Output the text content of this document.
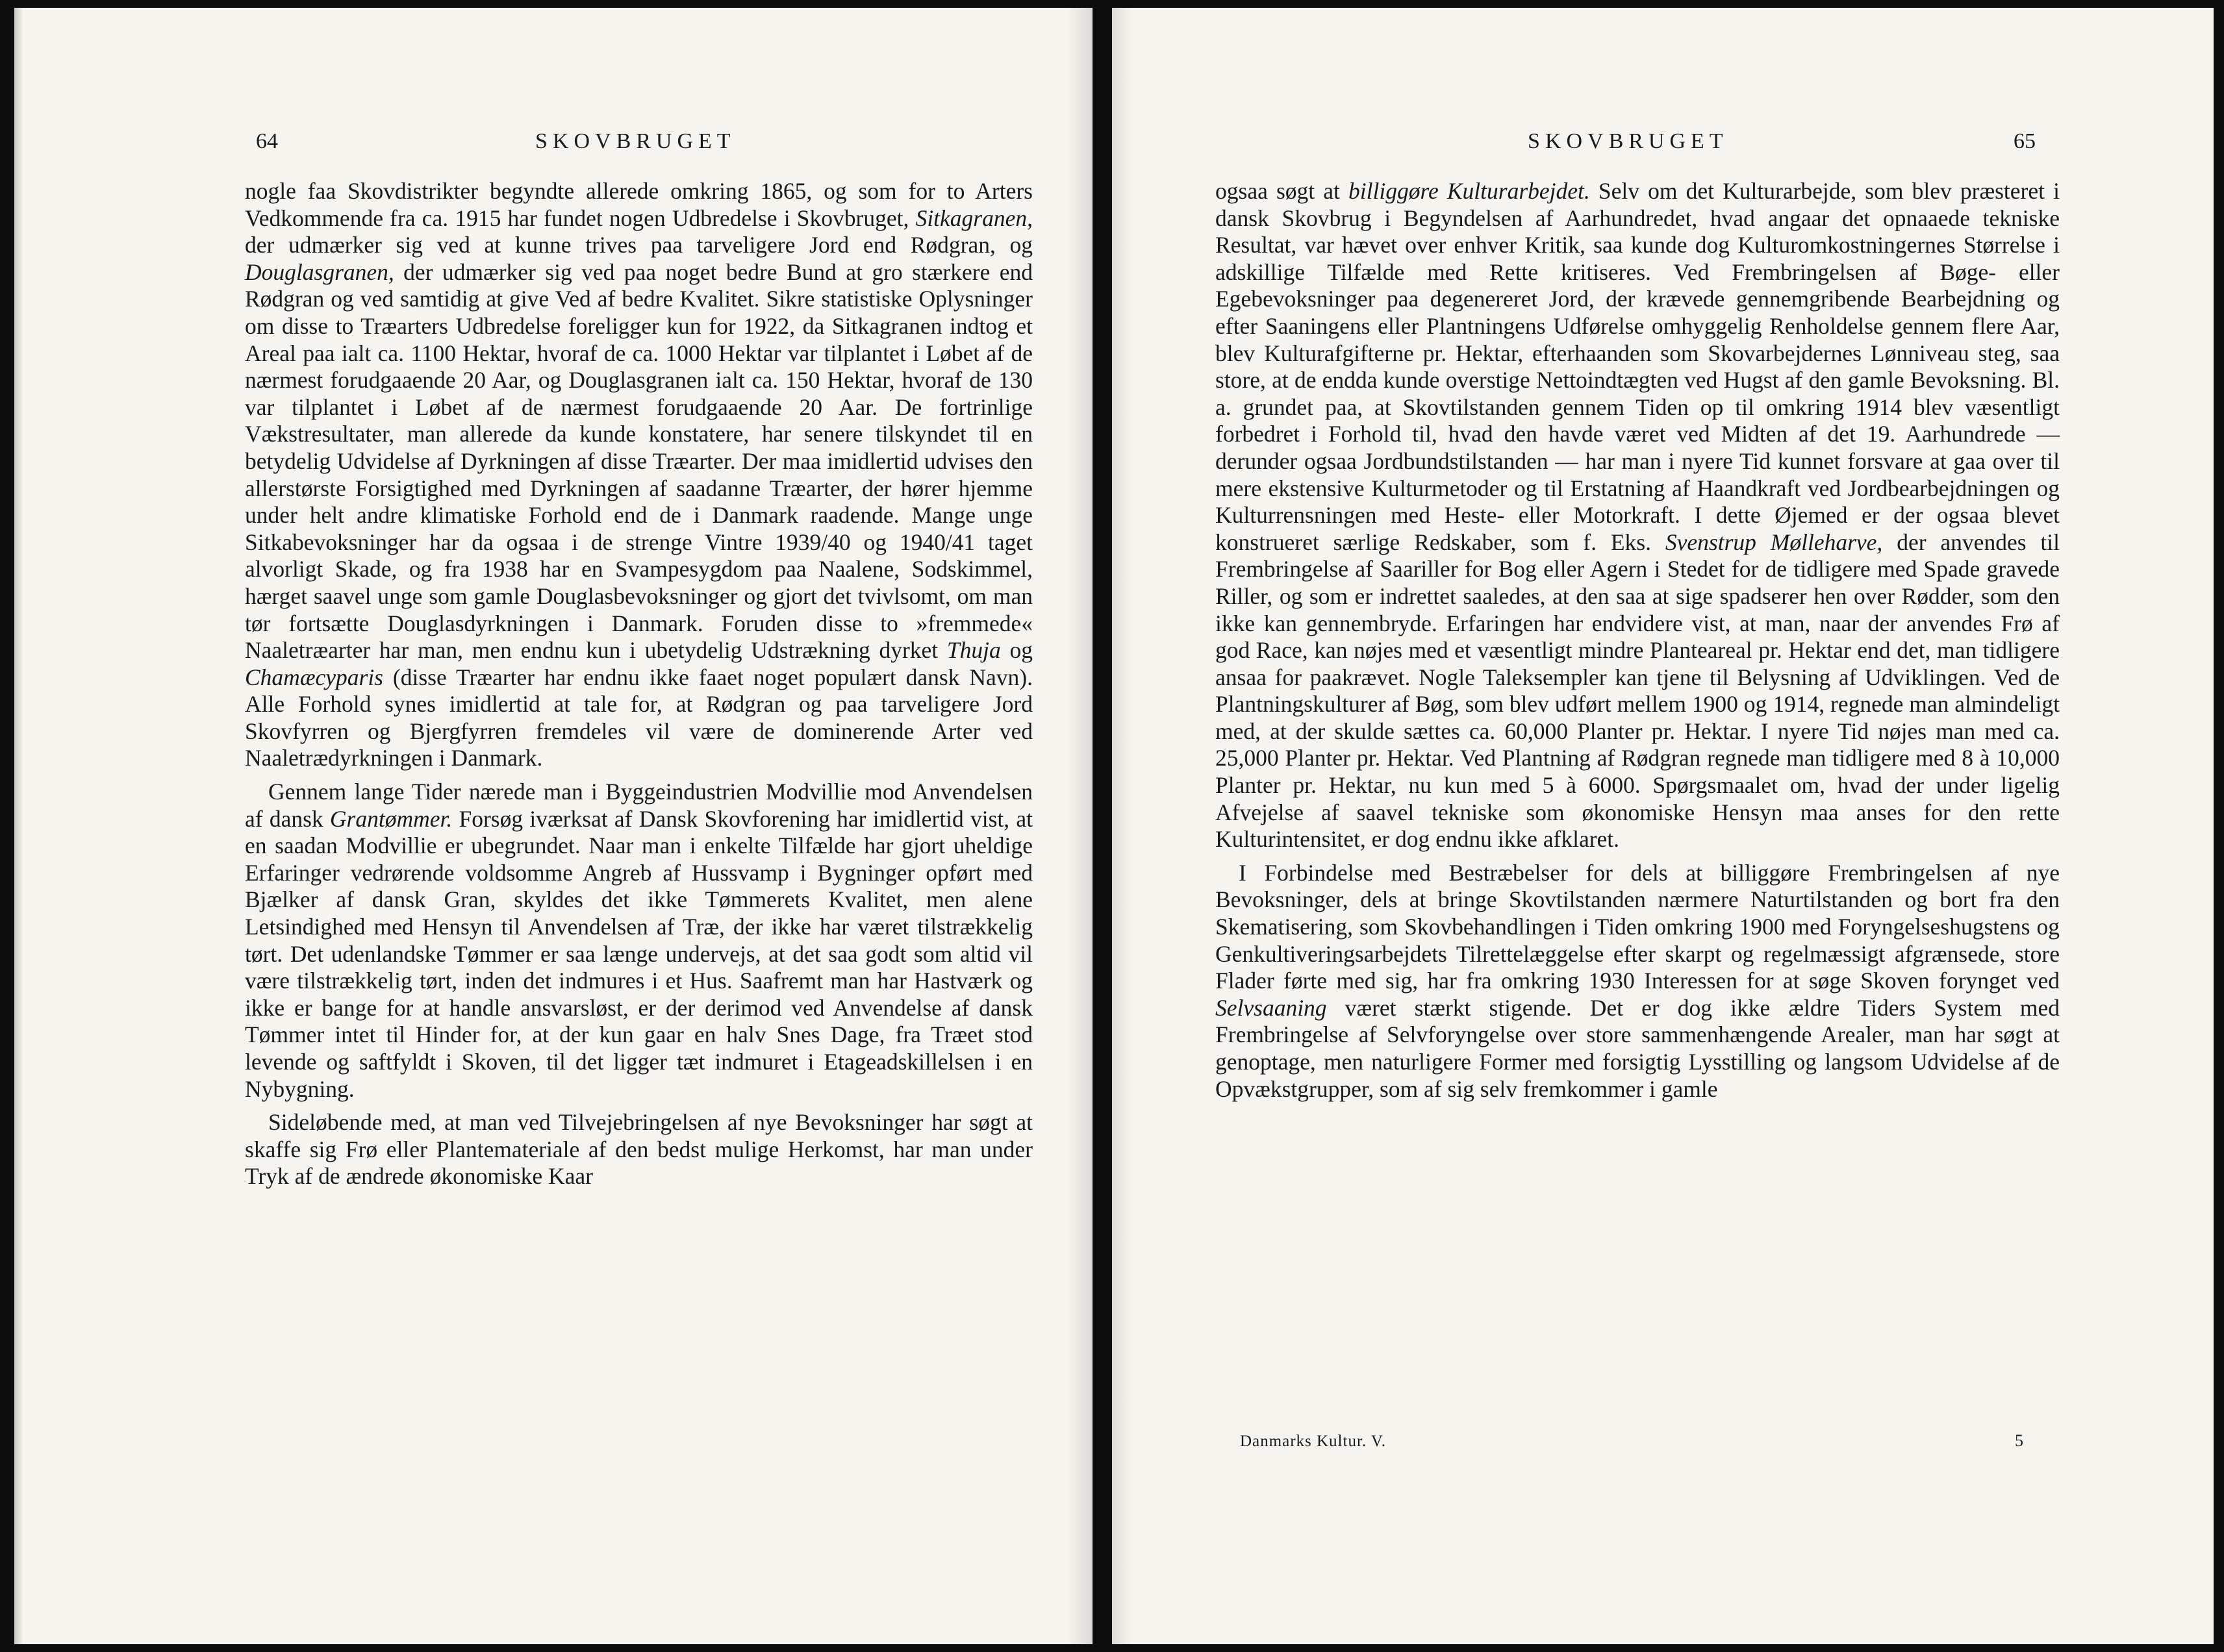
64	SKOVBRUGET

nogle faa Skovdistrikter begyndte allerede omkring 1865, og som for to Arters Vedkommende fra ca. 1915 har fundet nogen Udbredelse i Skovbruget, Sitkagranen, der udmærker sig ved at kunne trives paa tarveligere Jord end Rødgran, og Douglasgranen, der udmærker sig ved paa noget bedre Bund at gro stærkere end Rødgran og ved samtidig at give Ved af bedre Kvalitet. Sikre statistiske Oplysninger om disse to Træarters Udbredelse foreligger kun for 1922, da Sitkagranen indtog et Areal paa ialt ca. 1100 Hektar, hvoraf de ca. 1000 Hektar var tilplantet i Løbet af de nærmest forudgaaende 20 Aar, og Douglasgranen ialt ca. 150 Hektar, hvoraf de 130 var tilplantet i Løbet af de nærmest forudgaaende 20 Aar. De fortrinlige Vækstresultater, man allerede da kunde konstatere, har senere tilskyndet til en betydelig Udvidelse af Dyrkningen af disse Træarter. Der maa imidlertid udvises den allerstørste Forsigtighed med Dyrkningen af saadanne Træarter, der hører hjemme under helt andre klimatiske Forhold end de i Danmark raadende. Mange unge Sitkabevoksninger har da ogsaa i de strenge Vintre 1939/40 og 1940/41 taget alvorligt Skade, og fra 1938 har en Svampesygdom paa Naalene, Sodskimmel, hærget saavel unge som gamle Douglasbevoksninger og gjort det tvivlsomt, om man tør fortsætte Douglasdyrkningen i Danmark. Foruden disse to »fremmede« Naaletræarter har man, men endnu kun i ubetydelig Udstrækning dyrket Thuja og Chamæcyparis (disse Træarter har endnu ikke faaet noget populært dansk Navn). Alle Forhold synes imidlertid at tale for, at Rødgran og paa tarveligere Jord Skovfyrren og Bjergfyrren fremdeles vil være de dominerende Arter ved Naaletrædyrkningen i Danmark.

Gennem lange Tider nærede man i Byggeindustrien Modvillie mod Anvendelsen af dansk Grantømmer. Forsøg iværksat af Dansk Skovforening har imidlertid vist, at en saadan Modvillie er ubegrundet. Naar man i enkelte Tilfælde har gjort uheldige Erfaringer vedrørende voldsomme Angreb af Hussvamp i Bygninger opført med Bjælker af dansk Gran, skyldes det ikke Tømmerets Kvalitet, men alene Letsindighed med Hensyn til Anvendelsen af Træ, der ikke har været tilstrækkelig tørt. Det udenlandske Tømmer er saa længe undervejs, at det saa godt som altid vil være tilstrækkelig tørt, inden det indmures i et Hus. Saafremt man har Hastværk og ikke er bange for at handle ansvarsløst, er der derimod ved Anvendelse af dansk Tømmer intet til Hinder for, at der kun gaar en halv Snes Dage, fra Træet stod levende og saftfyldt i Skoven, til det ligger tæt indmuret i Etageadskillelsen i en Nybygning.

Sideløbende med, at man ved Tilvejebringelsen af nye Bevoksninger har søgt at skaffe sig Frø eller Plantemateriale af den bedst mulige Herkomst, har man under Tryk af de ændrede økonomiske Kaar

SKOVBRUGET	65

ogsaa søgt at billiggøre Kulturarbejdet. Selv om det Kulturarbejde, som blev præsteret i dansk Skovbrug i Begyndelsen af Aarhundredet, hvad angaar det opnaaede tekniske Resultat, var hævet over enhver Kritik, saa kunde dog Kulturomkostningernes Størrelse i adskillige Tilfælde med Rette kritiseres. Ved Frembringelsen af Bøge- eller Egebevoksninger paa degenereret Jord, der krævede gennemgribende Bearbejdning og efter Saaningens eller Plantningens Udførelse omhyggelig Renholdelse gennem flere Aar, blev Kulturafgifterne pr. Hektar, efterhaanden som Skovarbejdernes Lønniveau steg, saa store, at de endda kunde overstige Nettoindtægten ved Hugst af den gamle Bevoksning. Bl. a. grundet paa, at Skovtilstanden gennem Tiden op til omkring 1914 blev væsentligt forbedret i Forhold til, hvad den havde været ved Midten af det 19. Aarhundrede — derunder ogsaa Jordbundstilstanden — har man i nyere Tid kunnet forsvare at gaa over til mere ekstensive Kulturmetoder og til Erstatning af Haandkraft ved Jordbearbejdningen og Kulturrensningen med Heste- eller Motorkraft. I dette Øjemed er der ogsaa blevet konstrueret særlige Redskaber, som f. Eks. Svenstrup Mølleharve, der anvendes til Frembringelse af Saariller for Bog eller Agern i Stedet for de tidligere med Spade gravede Riller, og som er indrettet saaledes, at den saa at sige spadserer hen over Rødder, som den ikke kan gennembryde. Erfaringen har endvidere vist, at man, naar der anvendes Frø af god Race, kan nøjes med et væsentligt mindre Planteareal pr. Hektar end det, man tidligere ansaa for paakrævet. Nogle Taleksempler kan tjene til Belysning af Udviklingen. Ved de Plantningskulturer af Bøg, som blev udført mellem 1900 og 1914, regnede man almindeligt med, at der skulde sættes ca. 60,000 Planter pr. Hektar. I nyere Tid nøjes man med ca. 25,000 Planter pr. Hektar. Ved Plantning af Rødgran regnede man tidligere med 8 à 10,000 Planter pr. Hektar, nu kun med 5 à 6000. Spørgsmaalet om, hvad der under ligelig Afvejelse af saavel tekniske som økonomiske Hensyn maa anses for den rette Kulturintensitet, er dog endnu ikke afklaret.

I Forbindelse med Bestræbelser for dels at billiggøre Frembringelsen af nye Bevoksninger, dels at bringe Skovtilstanden nærmere Naturtilstanden og bort fra den Skematisering, som Skovbehandlingen i Tiden omkring 1900 med Foryngelseshugstens og Genkultiveringsarbejdets Tilrettelæggelse efter skarpt og regelmæssigt afgrænsede, store Flader førte med sig, har fra omkring 1930 Interessen for at søge Skoven forynget ved Selvsaaning været stærkt stigende. Det er dog ikke ældre Tiders System med Frembringelse af Selvforyngelse over store sammenhængende Arealer, man har søgt at genoptage, men naturligere Former med forsigtig Lysstilling og langsom Udvidelse af de Opvækstgrupper, som af sig selv fremkommer i gamle

Danmarks Kultur. V.	5
